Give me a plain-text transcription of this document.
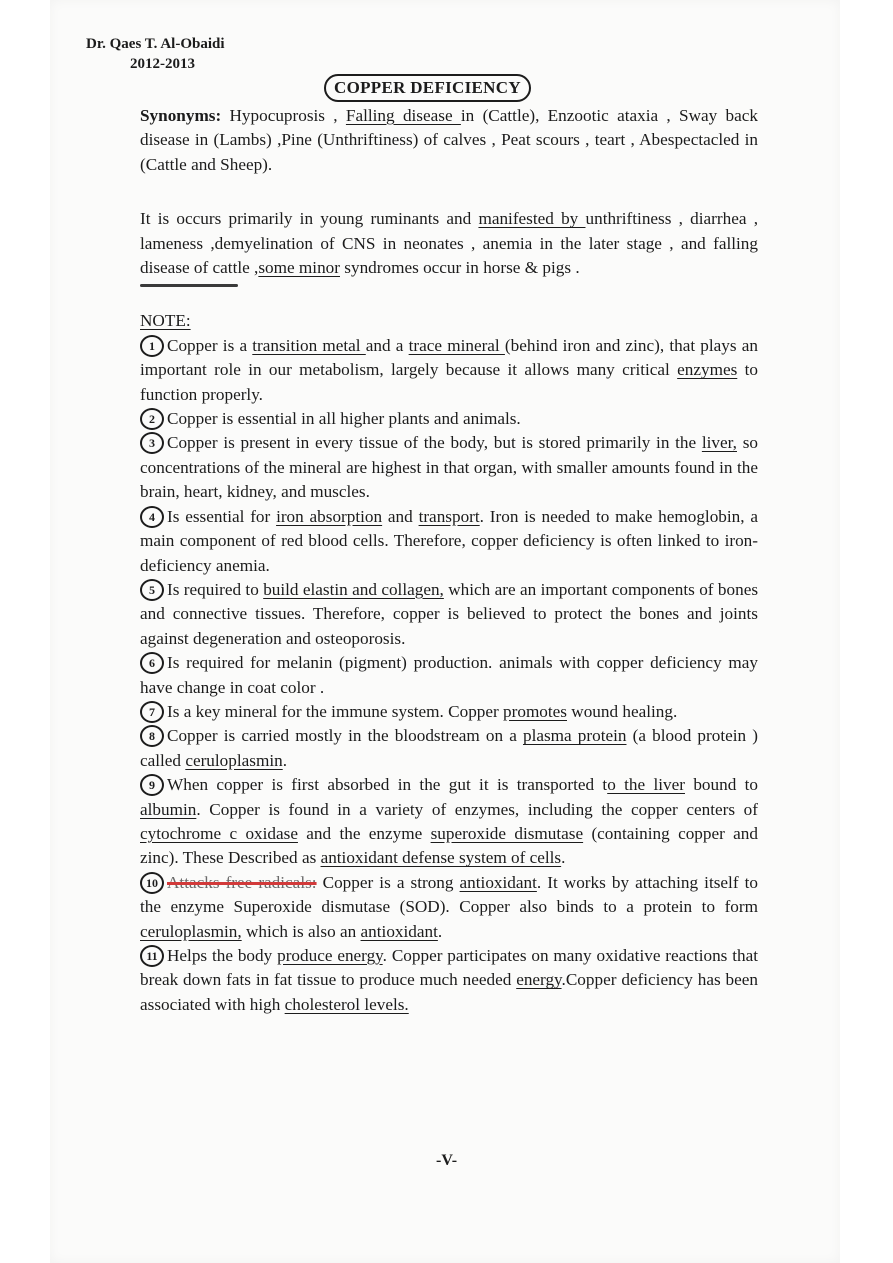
Dr. Qaes T. Al-Obaidi
2012-2013
COPPER DEFICIENCY

Synonyms: Hypocuprosis , Falling disease in (Cattle), Enzootic ataxia , Sway back disease in (Lambs) ,Pine (Unthriftiness) of calves , Peat scours , teart , Abespectacled in (Cattle and Sheep).

It is occurs primarily in young ruminants and manifested by unthriftiness , diarrhea , lameness ,demyelination of CNS in neonates , anemia in the later stage , and falling disease of cattle ,some minor syndromes occur in horse & pigs .

NOTE:

1 Copper is a transition metal and a trace mineral (behind iron and zinc), that plays an important role in our metabolism, largely because it allows many critical enzymes to function properly.

2 Copper is essential in all higher plants and animals.

3 Copper is present in every tissue of the body, but is stored primarily in the liver, so concentrations of the mineral are highest in that organ, with smaller amounts found in the brain, heart, kidney, and muscles.

4 Is essential for iron absorption and transport. Iron is needed to make hemoglobin, a main component of red blood cells. Therefore, copper deficiency is often linked to iron-deficiency anemia.

5 Is required to build elastin and collagen, which are an important components of bones and connective tissues. Therefore, copper is believed to protect the bones and joints against degeneration and osteoporosis.

6 Is required for melanin (pigment) production. animals with copper deficiency may have change in coat color .

7 Is a key mineral for the immune system. Copper promotes wound healing.

8 Copper is carried mostly in the bloodstream on a plasma protein (a blood protein ) called ceruloplasmin.

9 When copper is first absorbed in the gut it is transported to the liver bound to albumin. Copper is found in a variety of enzymes, including the copper centers of cytochrome c oxidase and the enzyme superoxide dismutase (containing copper and zinc). These Described as antioxidant defense system of cells.

10 Attacks free radicals: Copper is a strong antioxidant. It works by attaching itself to the enzyme Superoxide dismutase (SOD). Copper also binds to a protein to form ceruloplasmin, which is also an antioxidant.

11 Helps the body produce energy. Copper participates on many oxidative reactions that break down fats in fat tissue to produce much needed energy.Copper deficiency has been associated with high cholesterol levels.

-V-
